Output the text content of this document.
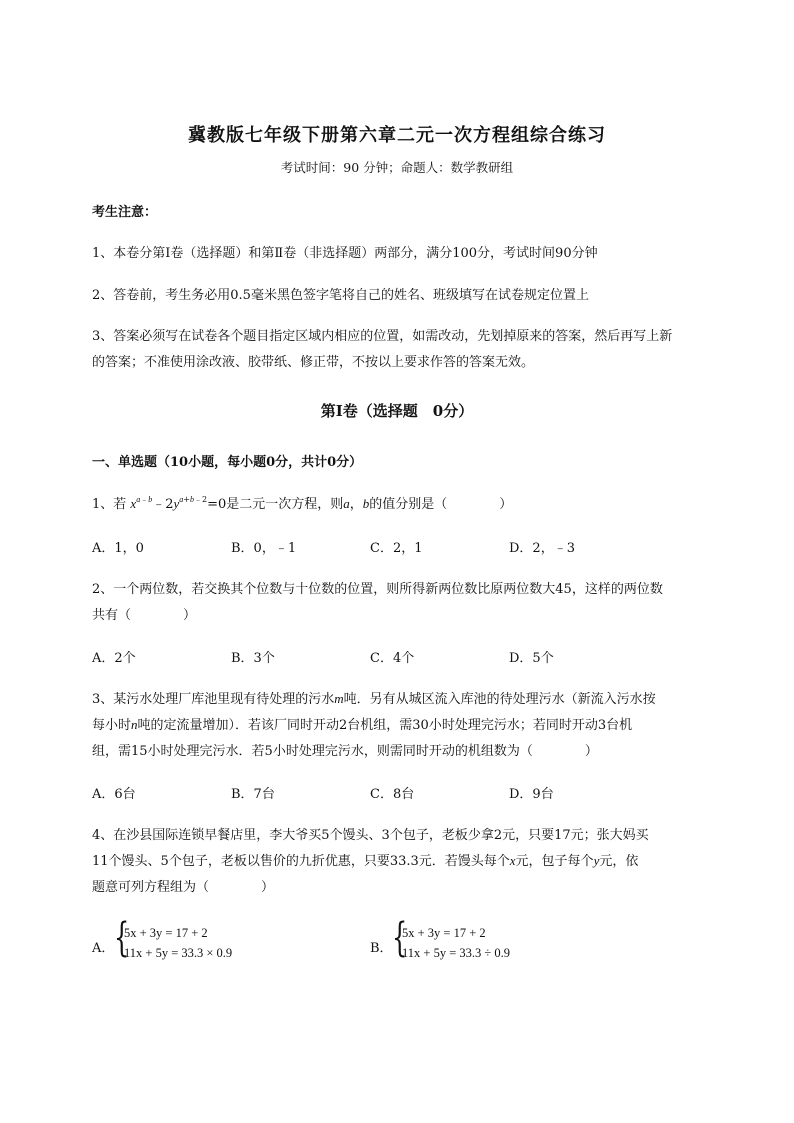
冀教版七年级下册第六章二元一次方程组综合练习
考试时间：90 分钟；命题人：数学教研组
考生注意：
1、本卷分第Ⅰ卷（选择题）和第Ⅱ卷（非选择题）两部分，满分100分，考试时间90分钟
2、答卷前，考生务必用0.5毫米黑色签字笔将自己的姓名、班级填写在试卷规定位置上
3、答案必须写在试卷各个题目指定区域内相应的位置，如需改动，先划掉原来的答案，然后再写上新
的答案；不准使用涂改液、胶带纸、修正带，不按以上要求作答的答案无效。
第Ⅰ卷（选择题　0分）
一、单选题（10小题，每小题0分，共计0分）
1、若 $x^{a﹣b}﹣2y^{a+b﹣2}=0$是二元一次方程，则a，b的值分别是（　　　　）
A．1，0	B．0，﹣1	C．2，1	D．2，﹣3
2、一个两位数，若交换其个位数与十位数的位置，则所得新两位数比原两位数大45，这样的两位数
共有（　　　　）
A．2个	B．3个	C．4个	D．5个
3、某污水处理厂库池里现有待处理的污水m吨．另有从城区流入库池的待处理污水（新流入污水按
每小时n吨的定流量增加）．若该厂同时开动2台机组，需30小时处理完污水；若同时开动3台机
组，需15小时处理完污水．若5小时处理完污水，则需同时开动的机组数为（　　　　）
A．6台	B．7台	C．8台	D．9台
4、在沙县国际连锁早餐店里，李大爷买5个馒头、3个包子，老板少拿2元，只要17元；张大妈买
11个馒头、5个包子，老板以售价的九折优惠，只要33.3元．若馒头每个x元，包子每个y元，依
题意可列方程组为（　　　　）
A． {
5x + 3y = 17 + 2
11x + 5y = 33.3 × 0.9	B． {
5x + 3y = 17 + 2
11x + 5y = 33.3 ÷ 0.9
